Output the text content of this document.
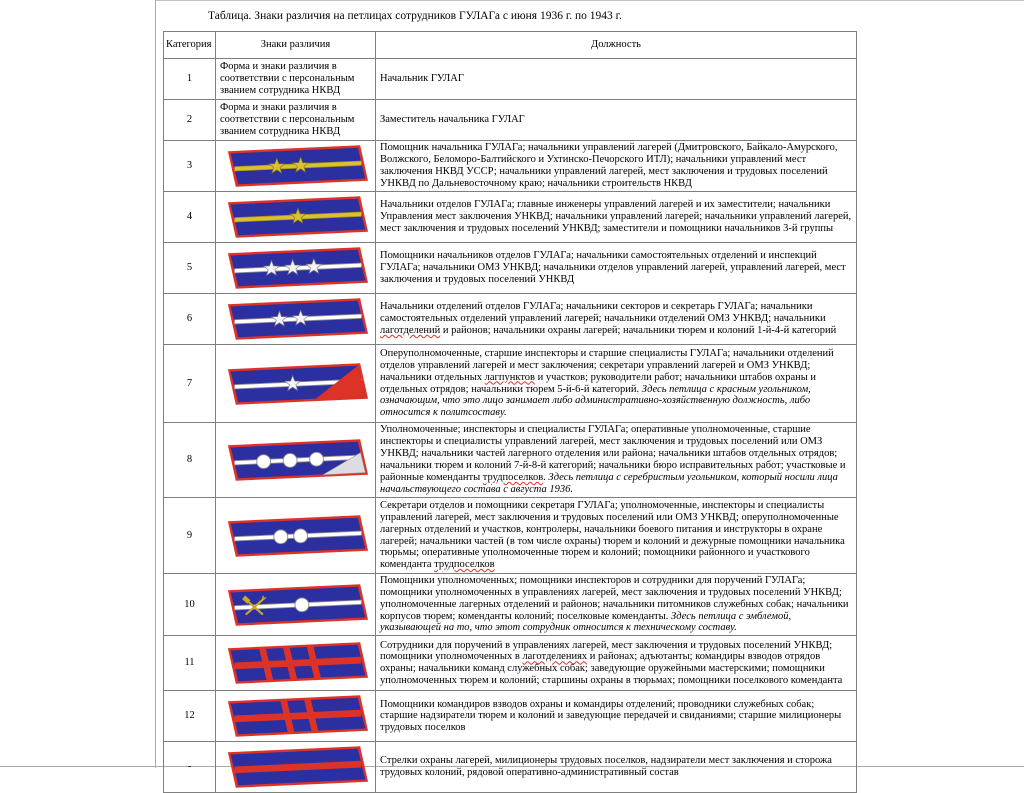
Таблица. Знаки различия на петлицах сотрудников ГУЛАГа с июня 1936 г. по 1943 г.
Категория	Знаки различия	Должность
1	Форма и знаки различия в соответствии с персональным званием сотрудника НКВД	Начальник ГУЛАГ
2	Форма и знаки различия в соответствии с персональным званием сотрудника НКВД	Заместитель начальника ГУЛАГ
3		Помощник начальника ГУЛАГа; начальники управлений лагерей (Дмитровского, Байкало-Амурского, Волжского, Беломоро-Балтийского и Ухтинско-Печорского ИТЛ); начальники управлений мест заключения НКВД УССР; начальники управлений лагерей, мест заключения и трудовых поселений УНКВД по Дальневосточному краю; начальники строительств НКВД
4		Начальники отделов ГУЛАГа; главные инженеры управлений лагерей и их заместители; начальники Управления мест заключения УНКВД; начальники управлений лагерей; начальники управлений лагерей, мест заключения и трудовых поселений УНКВД; заместители и помощники начальников 3-й группы
5		Помощники начальников отделов ГУЛАГа; начальники самостоятельных отделений и инспекций ГУЛАГа; начальники ОМЗ УНКВД; начальники отделов управлений лагерей, управлений лагерей, мест заключения и трудовых поселений УНКВД
6		Начальники отделений отделов ГУЛАГа; начальники секторов и секретарь ГУЛАГа; начальники самостоятельных отделений управлений лагерей; начальники отделений ОМЗ УНКВД; начальники лаготделений и районов; начальники охраны лагерей; начальники тюрем и колоний 1-й-4-й категорий
7		Оперуполномоченные, старшие инспекторы и старшие специалисты ГУЛАГа; начальники отделений отделов управлений лагерей и мест заключения; секретари управлений лагерей и ОМЗ УНКВД; начальники отдельных лагпунктов и участков; руководители работ; начальники штабов охраны и отдельных отрядов; начальники тюрем 5-й-6-й категорий. Здесь петлица с красным угольником, означающим, что это лицо занимает либо административно-хозяйственную должность, либо относится к политсоставу.
8		Уполномоченные; инспекторы и специалисты ГУЛАГа; оперативные уполномоченные, старшие инспекторы и специалисты управлений лагерей, мест заключения и трудовых поселений или ОМЗ УНКВД; начальники частей лагерного отделения или района; начальники штабов отдельных отрядов; начальники тюрем и колоний 7-й-8-й категорий; начальники бюро исправительных работ; участковые и районные коменданты трудпоселков. Здесь петлица с серебристым угольником, который носили лица начальствующего состава с августа 1936.
9		Секретари отделов и помощники секретаря ГУЛАГа; уполномоченные, инспекторы и специалисты управлений лагерей, мест заключения и трудовых поселений или ОМЗ УНКВД; оперуполномоченные лагерных отделений и участков, контролеры, начальники боевого питания и инструкторы в охране лагерей; начальники частей (в том числе охраны) тюрем и колоний и дежурные помощники начальника тюрьмы; оперативные уполномоченные тюрем и колоний; помощники районного и участкового коменданта трудпоселков
10		Помощники уполномоченных; помощники инспекторов и сотрудники для поручений ГУЛАГа; помощники уполномоченных в управлениях лагерей, мест заключения и трудовых поселений УНКВД; уполномоченные лагерных отделений и районов; начальники питомников служебных собак; начальники корпусов тюрем; коменданты колоний; поселковые коменданты. Здесь петлица с эмблемой, указывающей на то, что этот сотрудник относится к техническому составу.
11		Сотрудники для поручений в управлениях лагерей, мест заключения и трудовых поселений УНКВД; помощники уполномоченных в лаготделениях и районах; адъютанты; командиры взводов отрядов охраны; начальники команд служебных собак; заведующие оружейными мастерскими; помощники уполномоченных тюрем и колоний; старшины охраны в тюрьмах; помощники поселкового коменданта
12		Помощники командиров взводов охраны и командиры отделений; проводники служебных собак; старшие надзиратели тюрем и колоний и заведующие передачей и свиданиями; старшие милиционеры трудовых поселков
-		Стрелки охраны лагерей, милиционеры трудовых поселков, надзиратели мест заключения и сторожа трудовых колоний, рядовой оперативно-административный состав
